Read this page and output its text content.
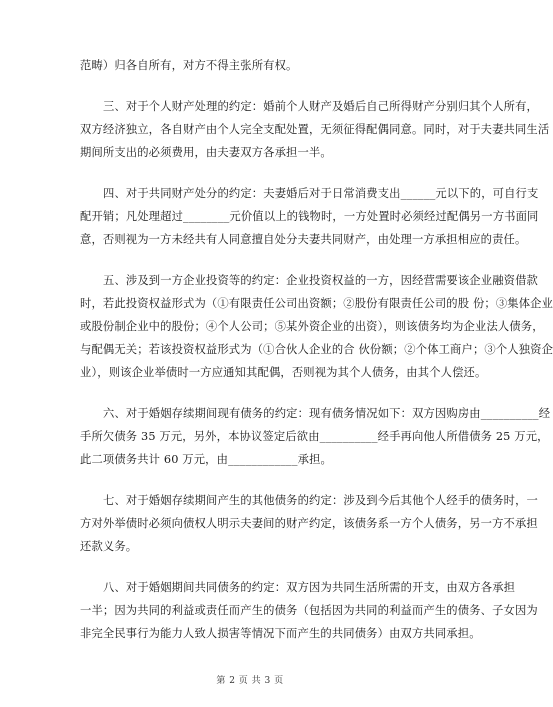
范畴）归各自所有，对方不得主张所有权。
三、对于个人财产处理的约定：婚前个人财产及婚后自己所得财产分别归其个人所有，
双方经济独立，各自财产由个人完全支配处置，无须征得配偶同意。同时，对于夫妻共同生活
期间所支出的必须费用，由夫妻双方各承担一半。
四、对于共同财产处分的约定：夫妻婚后对于日常消费支出______元以下的，可自行支
配开销；凡处理超过________元价值以上的钱物时，一方处置时必须经过配偶另一方书面同
意，否则视为一方未经共有人同意擅自处分夫妻共同财产，由处理一方承担相应的责任。
五、涉及到一方企业投资等的约定：企业投资权益的一方，因经营需要该企业融资借款
时，若此投资权益形式为（①有限责任公司出资额；②股份有限责任公司的股 份；③集体企业
或股份制企业中的股份；④个人公司；⑤某外资企业的出资），则该债务均为企业法人债务，
与配偶无关；若该投资权益形式为（①合伙人企业的合 伙份额；②个体工商户；③个人独资企
业），则该企业举债时一方应通知其配偶，否则视为其个人债务，由其个人偿还。
六、对于婚姻存续期间现有债务的约定：现有债务情况如下：双方因购房由__________经
手所欠债务 35 万元，另外，本协议签定后欲由__________经手再向他人所借债务 25 万元，
此二项债务共计 60 万元，由____________承担。
七、对于婚姻存续期间产生的其他债务的约定：涉及到今后其他个人经手的债务时，一
方对外举债时必须向债权人明示夫妻间的财产约定，该债务系一方个人债务，另一方不承担
还款义务。
八、对于婚姻期间共同债务的约定：双方因为共同生活所需的开支，由双方各承担
一半；因为共同的利益或责任而产生的债务（包括因为共同的利益而产生的债务、子女因为
非完全民事行为能力人致人损害等情况下而产生的共同债务）由双方共同承担。
第 2 页 共 3 页
